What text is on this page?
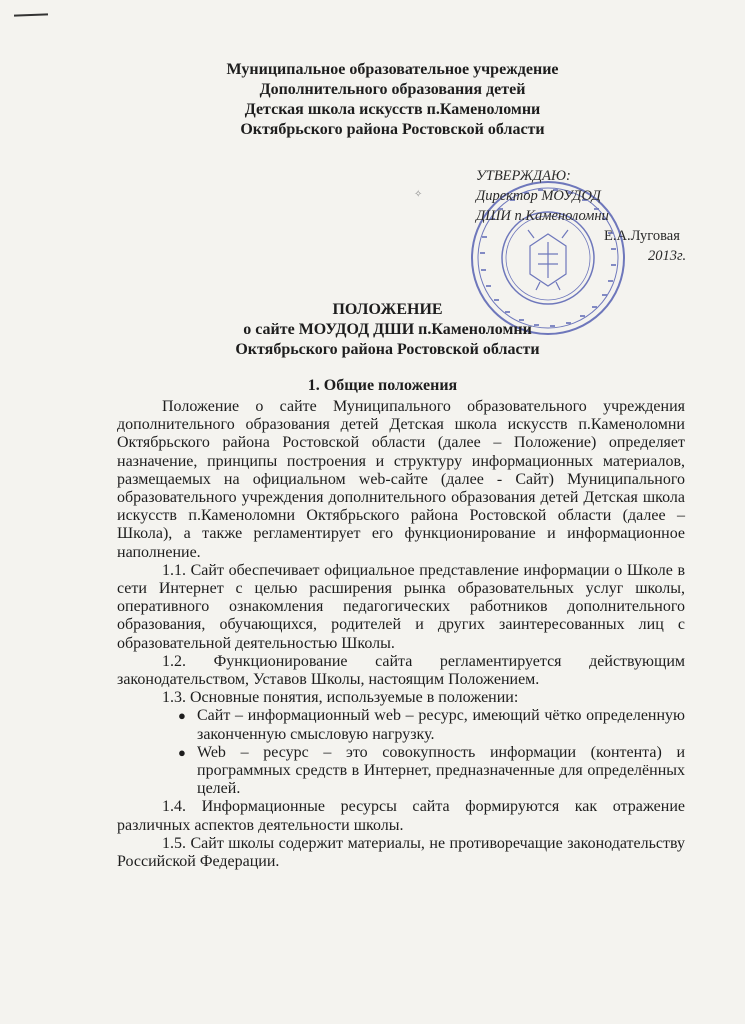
Муниципальное образовательное учреждение
Дополнительного образования детей
Детская школа искусств п.Каменоломни
Октябрьского района Ростовской области
✧
УТВЕРЖДАЮ:
Директор МОУДОД
ДШИ п.Каменоломни
Е.А.Луговая
2013г.
ПОЛОЖЕНИЕ
о сайте МОУДОД ДШИ п.Каменоломни
Октябрьского района Ростовской области
1. Общие положения

Положение о сайте Муниципального образовательного учреждения дополнительного образования детей Детская школа искусств п.Каменоломни Октябрьского района Ростовской области (далее – Положение) определяет назначение, принципы построения и структуру информационных материалов, размещаемых на официальном web-сайте (далее - Сайт) Муниципального образовательного учреждения дополнительного образования детей Детская школа искусств п.Каменоломни Октябрьского района Ростовской области (далее – Школа), а также регламентирует его функционирование и информационное наполнение.

1.1. Сайт обеспечивает официальное представление информации о Школе в сети Интернет с целью расширения рынка образовательных услуг школы, оперативного ознакомления педагогических работников дополнительного образования, обучающихся, родителей и других заинтересованных лиц с образовательной деятельностью Школы.

1.2. Функционирование сайта регламентируется действующим законодательством, Уставов Школы, настоящим Положением.

1.3. Основные понятия, используемые в положении:

● Сайт – информационный web – ресурс, имеющий чётко определенную законченную смысловую нагрузку.
● Web – ресурс – это совокупность информации (контента) и программных средств в Интернет, предназначенные для определённых целей.

1.4. Информационные ресурсы сайта формируются как отражение различных аспектов деятельности школы.

1.5. Сайт школы содержит материалы, не противоречащие законодательству Российской Федерации.
